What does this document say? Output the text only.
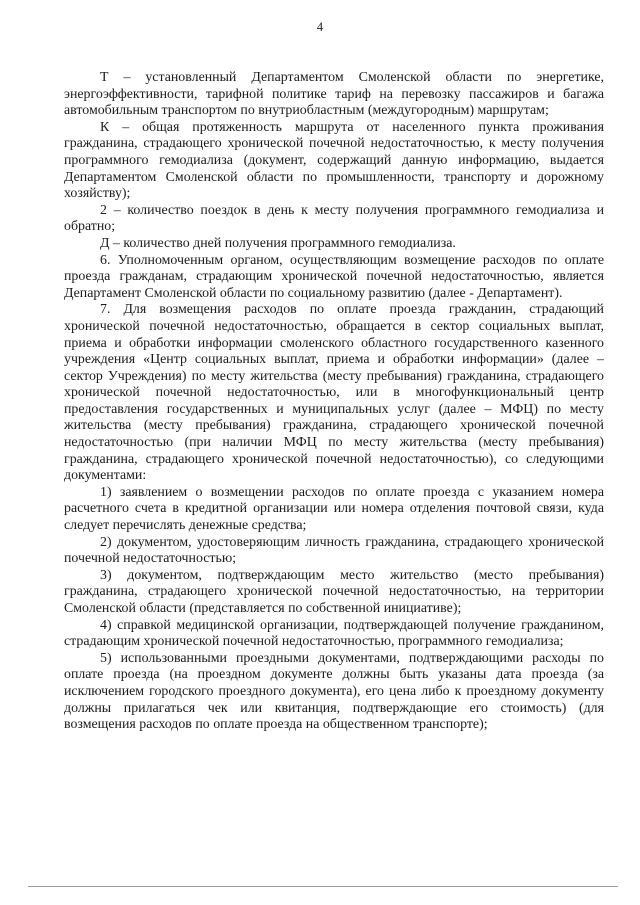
4

Т – установленный Департаментом Смоленской области по энергетике, энергоэффективности, тарифной политике тариф на перевозку пассажиров и багажа автомобильным транспортом по внутриобластным (междугородным) маршрутам;

К – общая протяженность маршрута от населенного пункта проживания гражданина, страдающего хронической почечной недостаточностью, к месту получения программного гемодиализа (документ, содержащий данную информацию, выдается Департаментом Смоленской области по промышленности, транспорту и дорожному хозяйству);

2 – количество поездок в день к месту получения программного гемодиализа и обратно;

Д – количество дней получения программного гемодиализа.

6. Уполномоченным органом, осуществляющим возмещение расходов по оплате проезда гражданам, страдающим хронической почечной недостаточностью, является Департамент Смоленской области по социальному развитию (далее - Департамент).

7. Для возмещения расходов по оплате проезда гражданин, страдающий хронической почечной недостаточностью, обращается в сектор социальных выплат, приема и обработки информации смоленского областного государственного казенного учреждения «Центр социальных выплат, приема и обработки информации» (далее – сектор Учреждения) по месту жительства (месту пребывания) гражданина, страдающего хронической почечной недостаточностью, или в многофункциональный центр предоставления государственных и муниципальных услуг (далее – МФЦ) по месту жительства (месту пребывания) гражданина, страдающего хронической почечной недостаточностью (при наличии МФЦ по месту жительства (месту пребывания) гражданина, страдающего хронической почечной недостаточностью), со следующими документами:

1) заявлением о возмещении расходов по оплате проезда с указанием номера расчетного счета в кредитной организации или номера отделения почтовой связи, куда следует перечислять денежные средства;

2) документом, удостоверяющим личность гражданина, страдающего хронической почечной недостаточностью;

3) документом, подтверждающим место жительство (место пребывания) гражданина, страдающего хронической почечной недостаточностью, на территории Смоленской области (представляется по собственной инициативе);

4) справкой медицинской организации, подтверждающей получение гражданином, страдающим хронической почечной недостаточностью, программного гемодиализа;

5) использованными проездными документами, подтверждающими расходы по оплате проезда (на проездном документе должны быть указаны дата проезда (за исключением городского проездного документа), его цена либо к проездному документу должны прилагаться чек или квитанция, подтверждающие его стоимость) (для возмещения расходов по оплате проезда на общественном транспорте);
